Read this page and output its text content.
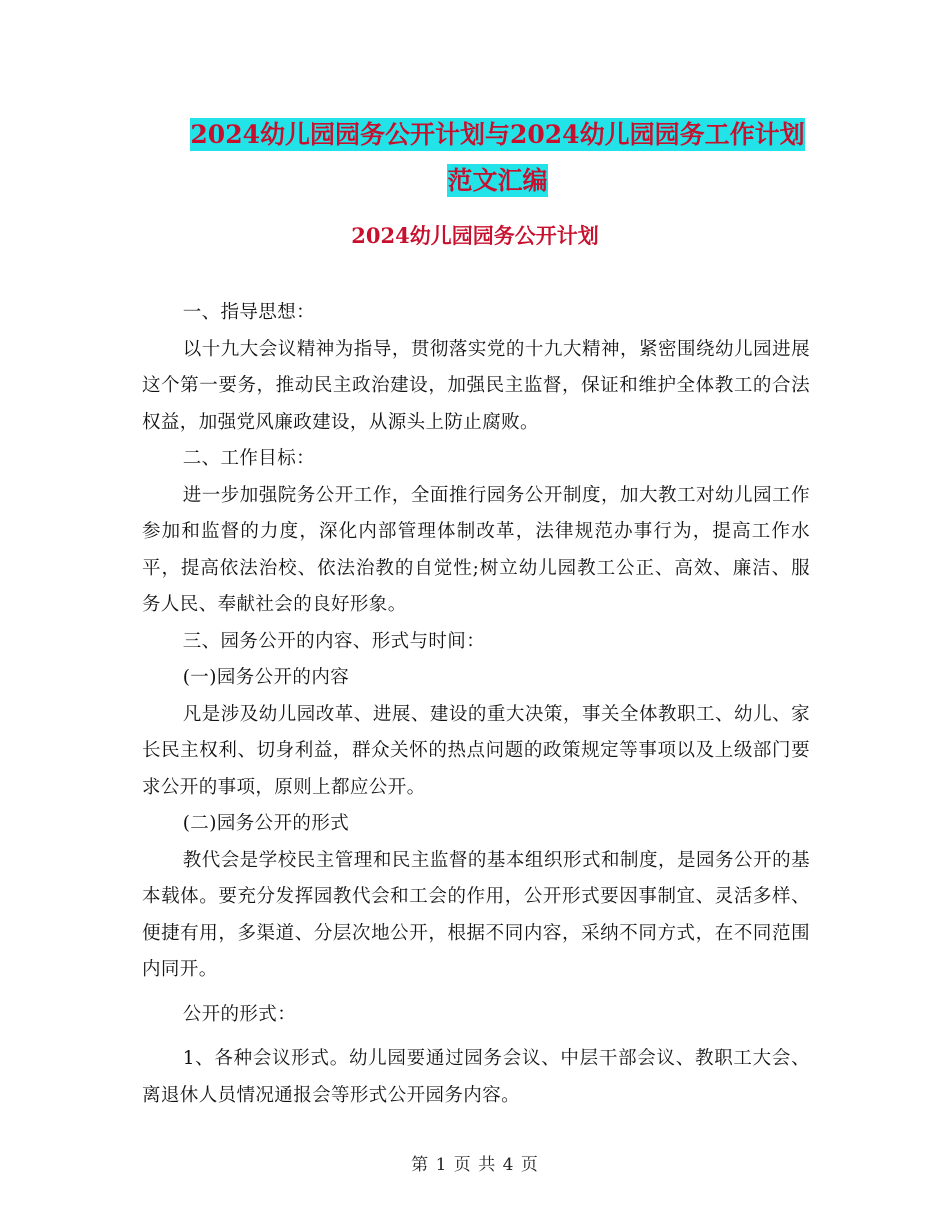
2024幼儿园园务公开计划与2024幼儿园园务工作计划
范文汇编
2024幼儿园园务公开计划

一、指导思想：

以十九大会议精神为指导，贯彻落实党的十九大精神，紧密围绕幼儿园进展这个第一要务，推动民主政治建设，加强民主监督，保证和维护全体教工的合法权益，加强党风廉政建设，从源头上防止腐败。

二、工作目标：

进一步加强院务公开工作，全面推行园务公开制度，加大教工对幼儿园工作参加和监督的力度，深化内部管理体制改革，法律规范办事行为，提高工作水平，提高依法治校、依法治教的自觉性;树立幼儿园教工公正、高效、廉洁、服务人民、奉献社会的良好形象。

三、园务公开的内容、形式与时间：

(一)园务公开的内容

凡是涉及幼儿园改革、进展、建设的重大决策，事关全体教职工、幼儿、家长民主权利、切身利益，群众关怀的热点问题的政策规定等事项以及上级部门要求公开的事项，原则上都应公开。

(二)园务公开的形式

教代会是学校民主管理和民主监督的基本组织形式和制度，是园务公开的基本载体。要充分发挥园教代会和工会的作用，公开形式要因事制宜、灵活多样、便捷有用，多渠道、分层次地公开，根据不同内容，采纳不同方式，在不同范围内同开。

公开的形式：

1、各种会议形式。幼儿园要通过园务会议、中层干部会议、教职工大会、离退休人员情况通报会等形式公开园务内容。

第 1 页 共 4 页
